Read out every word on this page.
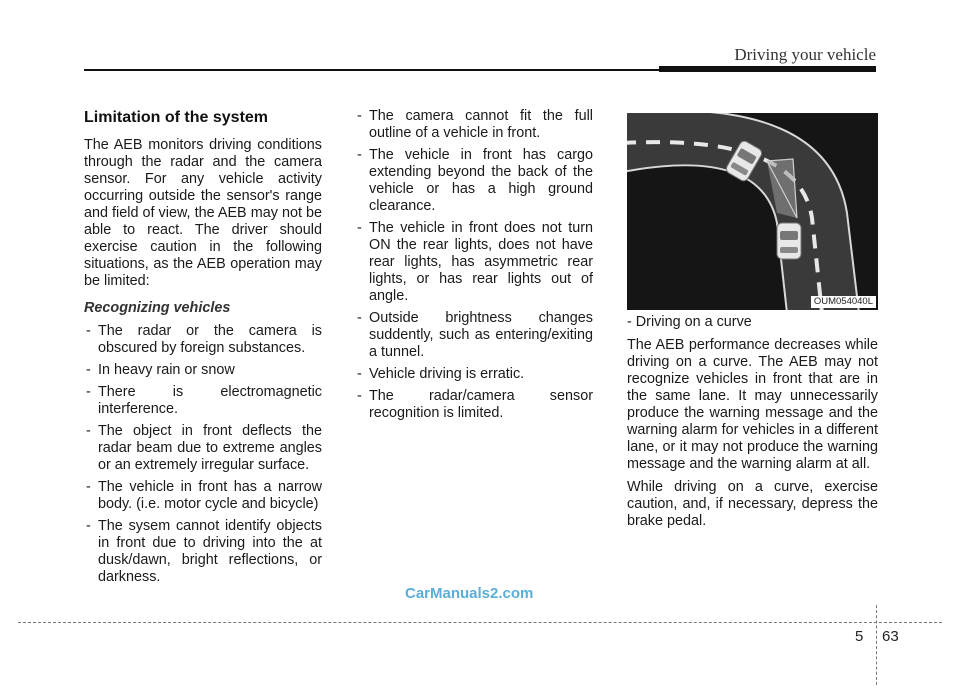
Driving your vehicle
Limitation of the system

The AEB monitors driving conditions through the radar and the camera sensor. For any vehicle activity occurring outside the sensor's range and field of view, the AEB may not be able to react. The driver should exercise caution in the following situations, as the AEB operation may be limited:

Recognizing vehicles
- The radar or the camera is obscured by foreign substances.
- In heavy rain or snow
- There is electromagnetic interference.
- The object in front deflects the radar beam due to extreme angles or an extremely irregular surface.
- The vehicle in front has a narrow body. (i.e. motor cycle and bicycle)
- The sysem cannot identify objects in front due to driving into the at dusk/dawn, bright reflections, or darkness.
- The camera cannot fit the full outline of a vehicle in front.
- The vehicle in front has cargo extending beyond the back of the vehicle or has a high ground clearance.
- The vehicle in front does not turn ON the rear lights, does not have rear lights, has asymmetric rear lights, or has rear lights out of angle.
- Outside brightness changes suddently, such as entering/exiting a tunnel.
- Vehicle driving is erratic.
- The radar/camera sensor recognition is limited.
OUM054040L

- Driving on a curve

The AEB performance decreases while driving on a curve. The AEB may not recognize vehicles in front that are in the same lane. It may unnecessarily produce the warning message and the warning alarm for vehicles in a different lane, or it may not produce the warning message and the warning alarm at all.

While driving on a curve, exercise caution, and, if necessary, depress the brake pedal.

CarManuals2.com
5 63
